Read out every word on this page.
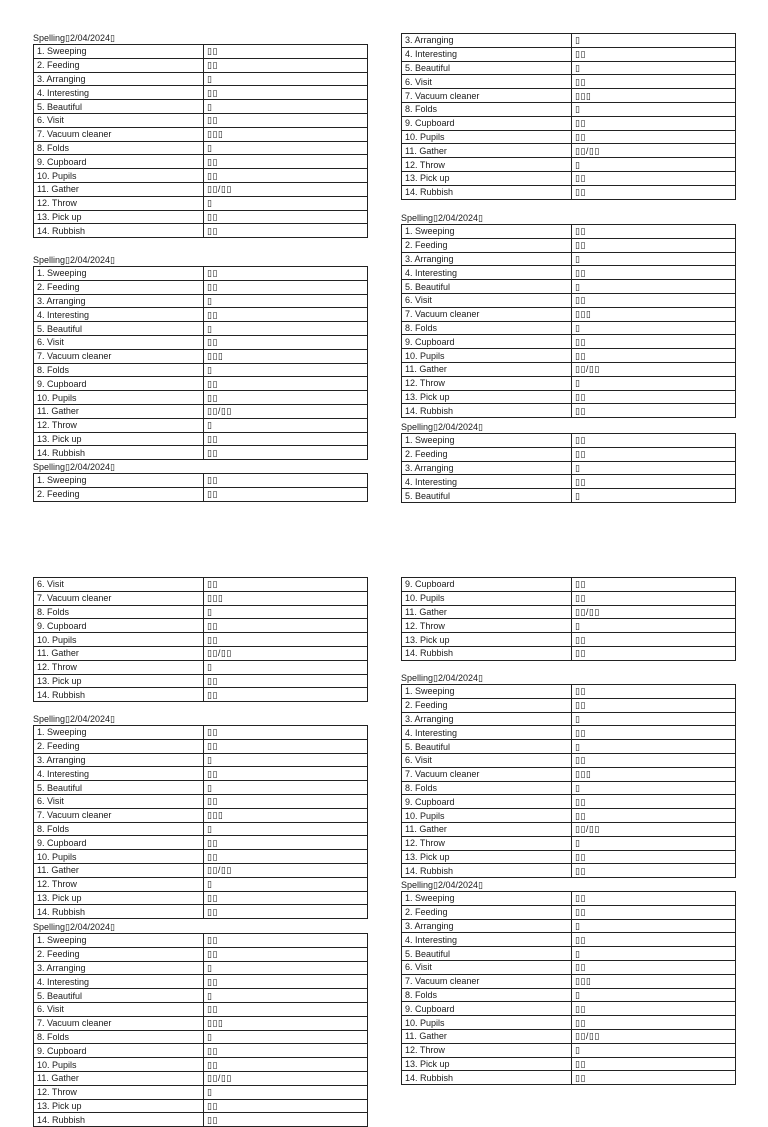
Spelling▯2/04/2024▯
1. Sweeping	▯▯
2. Feeding	▯▯
3. Arranging	▯
4. Interesting	▯▯
5. Beautiful	▯
6. Visit	▯▯
7. Vacuum cleaner	▯▯▯
8. Folds	▯
9. Cupboard	▯▯
10. Pupils	▯▯
11. Gather	▯▯/▯▯
12. Throw	▯
13. Pick up	▯▯
14. Rubbish	▯▯
Spelling▯2/04/2024▯
1. Sweeping	▯▯
2. Feeding	▯▯
3. Arranging	▯
4. Interesting	▯▯
5. Beautiful	▯
6. Visit	▯▯
7. Vacuum cleaner	▯▯▯
8. Folds	▯
9. Cupboard	▯▯
10. Pupils	▯▯
11. Gather	▯▯/▯▯
12. Throw	▯
13. Pick up	▯▯
14. Rubbish	▯▯
Spelling▯2/04/2024▯
1. Sweeping	▯▯
2. Feeding	▯▯
3. Arranging	▯
4. Interesting	▯▯
5. Beautiful	▯
6. Visit	▯▯
7. Vacuum cleaner	▯▯▯
8. Folds	▯
9. Cupboard	▯▯
10. Pupils	▯▯
11. Gather	▯▯/▯▯
12. Throw	▯
13. Pick up	▯▯
14. Rubbish	▯▯
Spelling▯2/04/2024▯
1. Sweeping	▯▯
2. Feeding	▯▯
3. Arranging	▯
4. Interesting	▯▯
5. Beautiful	▯
6. Visit	▯▯
7. Vacuum cleaner	▯▯▯
8. Folds	▯
9. Cupboard	▯▯
10. Pupils	▯▯
11. Gather	▯▯/▯▯
12. Throw	▯
13. Pick up	▯▯
14. Rubbish	▯▯
Spelling▯2/04/2024▯
1. Sweeping	▯▯
2. Feeding	▯▯
3. Arranging	▯
4. Interesting	▯▯
5. Beautiful	▯
6. Visit	▯▯
7. Vacuum cleaner	▯▯▯
8. Folds	▯
9. Cupboard	▯▯
10. Pupils	▯▯
11. Gather	▯▯/▯▯
12. Throw	▯
13. Pick up	▯▯
14. Rubbish	▯▯
Spelling▯2/04/2024▯
1. Sweeping	▯▯
2. Feeding	▯▯
3. Arranging	▯
4. Interesting	▯▯
5. Beautiful	▯
6. Visit	▯▯
7. Vacuum cleaner	▯▯▯
8. Folds	▯
9. Cupboard	▯▯
10. Pupils	▯▯
11. Gather	▯▯/▯▯
12. Throw	▯
13. Pick up	▯▯
14. Rubbish	▯▯
Spelling▯2/04/2024▯
1. Sweeping	▯▯
2. Feeding	▯▯
3. Arranging	▯
4. Interesting	▯▯
5. Beautiful	▯
6. Visit	▯▯
7. Vacuum cleaner	▯▯▯
8. Folds	▯
9. Cupboard	▯▯
10. Pupils	▯▯
11. Gather	▯▯/▯▯
12. Throw	▯
13. Pick up	▯▯
14. Rubbish	▯▯
9. Cupboard	▯▯
10. Pupils	▯▯
11. Gather	▯▯/▯▯
12. Throw	▯
13. Pick up	▯▯
14. Rubbish	▯▯
Spelling▯2/04/2024▯
1. Sweeping	▯▯
2. Feeding	▯▯
3. Arranging	▯
4. Interesting	▯▯
5. Beautiful	▯
6. Visit	▯▯
7. Vacuum cleaner	▯▯▯
8. Folds	▯
9. Cupboard	▯▯
10. Pupils	▯▯
11. Gather	▯▯/▯▯
12. Throw	▯
13. Pick up	▯▯
14. Rubbish	▯▯
Spelling▯2/04/2024▯
1. Sweeping	▯▯
2. Feeding	▯▯
3. Arranging	▯
4. Interesting	▯▯
5. Beautiful	▯
6. Visit	▯▯
7. Vacuum cleaner	▯▯▯
8. Folds	▯
9. Cupboard	▯▯
10. Pupils	▯▯
11. Gather	▯▯/▯▯
12. Throw	▯
13. Pick up	▯▯
14. Rubbish	▯▯
